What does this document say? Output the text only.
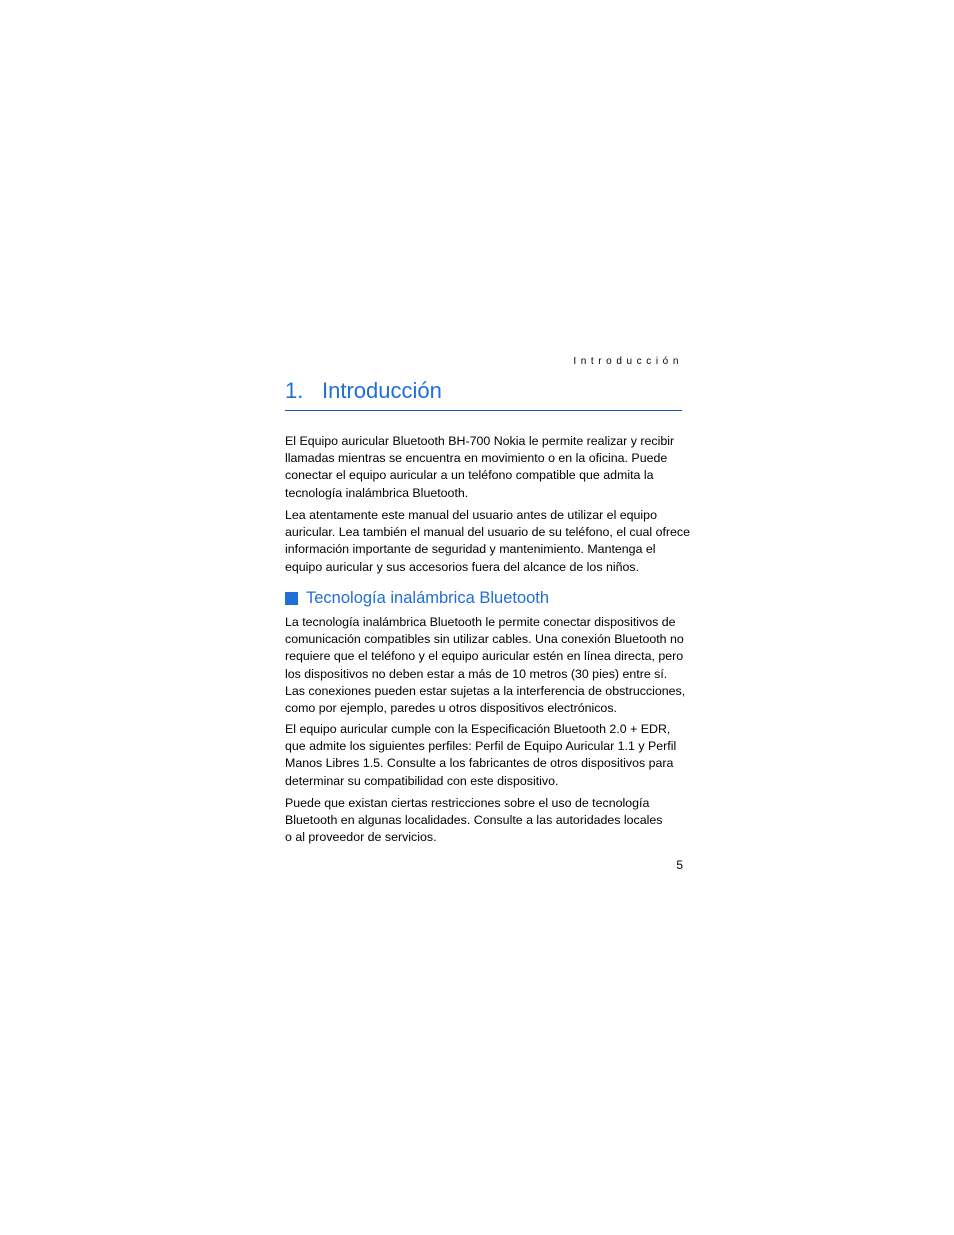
Introducción
1. Introducción

El Equipo auricular Bluetooth BH-700 Nokia le permite realizar y recibir

llamadas mientras se encuentra en movimiento o en la oficina. Puede

conectar el equipo auricular a un teléfono compatible que admita la

tecnología inalámbrica Bluetooth.

Lea atentamente este manual del usuario antes de utilizar el equipo

auricular. Lea también el manual del usuario de su teléfono, el cual ofrece

información importante de seguridad y mantenimiento. Mantenga el

equipo auricular y sus accesorios fuera del alcance de los niños.

Tecnología inalámbrica Bluetooth

La tecnología inalámbrica Bluetooth le permite conectar dispositivos de

comunicación compatibles sin utilizar cables. Una conexión Bluetooth no

requiere que el teléfono y el equipo auricular estén en línea directa, pero

los dispositivos no deben estar a más de 10 metros (30 pies) entre sí.

Las conexiones pueden estar sujetas a la interferencia de obstrucciones,

como por ejemplo, paredes u otros dispositivos electrónicos.

El equipo auricular cumple con la Especificación Bluetooth 2.0 + EDR,

que admite los siguientes perfiles: Perfil de Equipo Auricular 1.1 y Perfil

Manos Libres 1.5. Consulte a los fabricantes de otros dispositivos para

determinar su compatibilidad con este dispositivo.

Puede que existan ciertas restricciones sobre el uso de tecnología

Bluetooth en algunas localidades. Consulte a las autoridades locales

o al proveedor de servicios.

5
